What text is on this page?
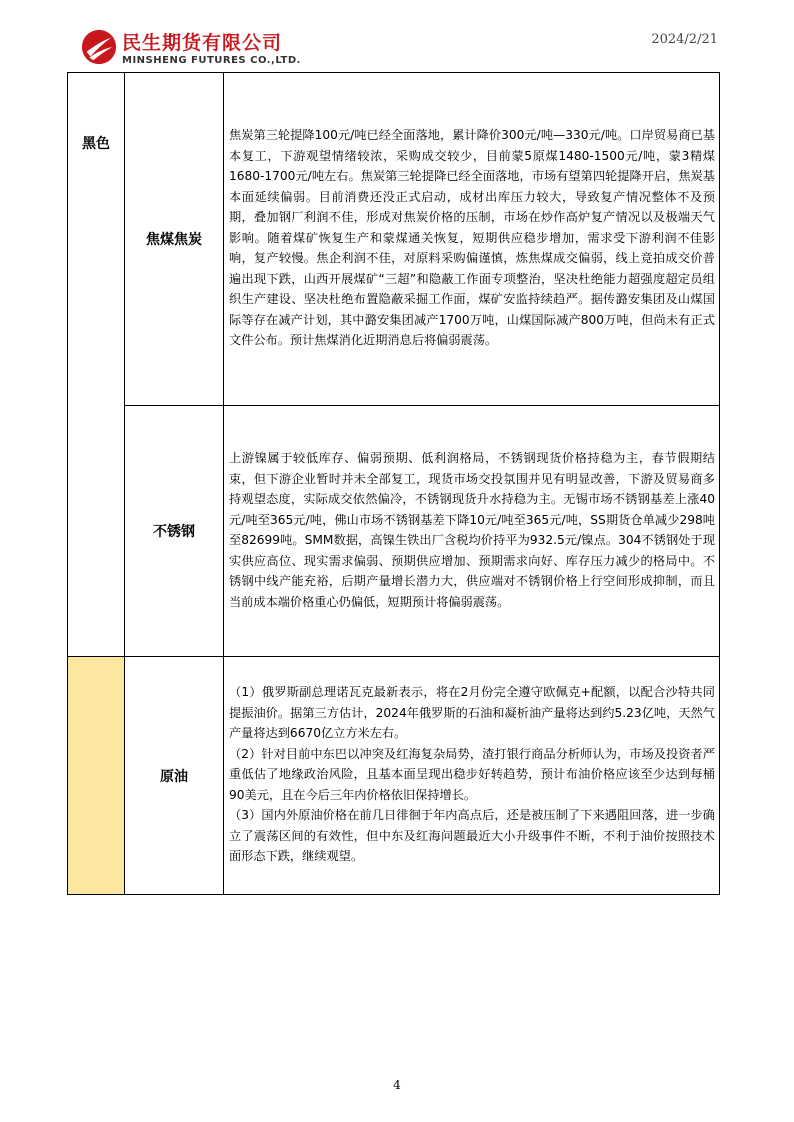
民生期货有限公司
MINSHENG FUTURES CO.,LTD.
2024/2/21
黑色	焦煤焦炭	焦炭第三轮提降100元/吨已经全面落地，累计降价300元/吨—330元/吨。口岸贸易商已基本复工，下游观望情绪较浓，采购成交较少，目前蒙5原煤1480-1500元/吨，蒙3精煤1680-1700元/吨左右。焦炭第三轮提降已经全面落地，市场有望第四轮提降开启，焦炭基本面延续偏弱。目前消费还没正式启动，成材出库压力较大，导致复产情况整体不及预期，叠加钢厂利润不佳，形成对焦炭价格的压制，市场在炒作高炉复产情况以及极端天气影响。随着煤矿恢复生产和蒙煤通关恢复，短期供应稳步增加，需求受下游利润不佳影响，复产较慢。焦企利润不佳，对原料采购偏谨慎，炼焦煤成交偏弱，线上竞拍成交价普遍出现下跌，山西开展煤矿“三超”和隐蔽工作面专项整治，坚决杜绝能力超强度超定员组织生产建设、坚决杜绝布置隐蔽采掘工作面，煤矿安监持续趋严。据传潞安集团及山煤国际等存在减产计划，其中潞安集团减产1700万吨，山煤国际减产800万吨，但尚未有正式文件公布。预计焦煤消化近期消息后将偏弱震荡。
	不锈钢	上游镍属于较低库存、偏弱预期、低利润格局，不锈钢现货价格持稳为主，春节假期结束，但下游企业暂时并未全部复工，现货市场交投氛围并见有明显改善，下游及贸易商多持观望态度，实际成交依然偏冷，不锈钢现货升水持稳为主。无锡市场不锈钢基差上涨40元/吨至365元/吨，佛山市场不锈钢基差下降10元/吨至365元/吨，SS期货仓单减少298吨至82699吨。SMM数据，高镍生铁出厂含税均价持平为932.5元/镍点。304不锈钢处于现实供应高位、现实需求偏弱、预期供应增加、预期需求向好、库存压力减少的格局中。不锈钢中线产能充裕，后期产量增长潜力大，供应端对不锈钢价格上行空间形成抑制，而且当前成本端价格重心仍偏低，短期预计将偏弱震荡。
	原油	（1）俄罗斯副总理诺瓦克最新表示，将在2月份完全遵守欧佩克+配额，以配合沙特共同提振油价。据第三方估计，2024年俄罗斯的石油和凝析油产量将达到约5.23亿吨，天然气产量将达到6670亿立方米左右。

（2）针对目前中东巴以冲突及红海复杂局势，渣打银行商品分析师认为，市场及投资者严重低估了地缘政治风险，且基本面呈现出稳步好转趋势，预计布油价格应该至少达到每桶90美元，且在今后三年内价格依旧保持增长。

（3）国内外原油价格在前几日徘徊于年内高点后，还是被压制了下来遇阻回落，进一步确立了震荡区间的有效性，但中东及红海问题最近大小升级事件不断，不利于油价按照技术面形态下跌，继续观望。

4
